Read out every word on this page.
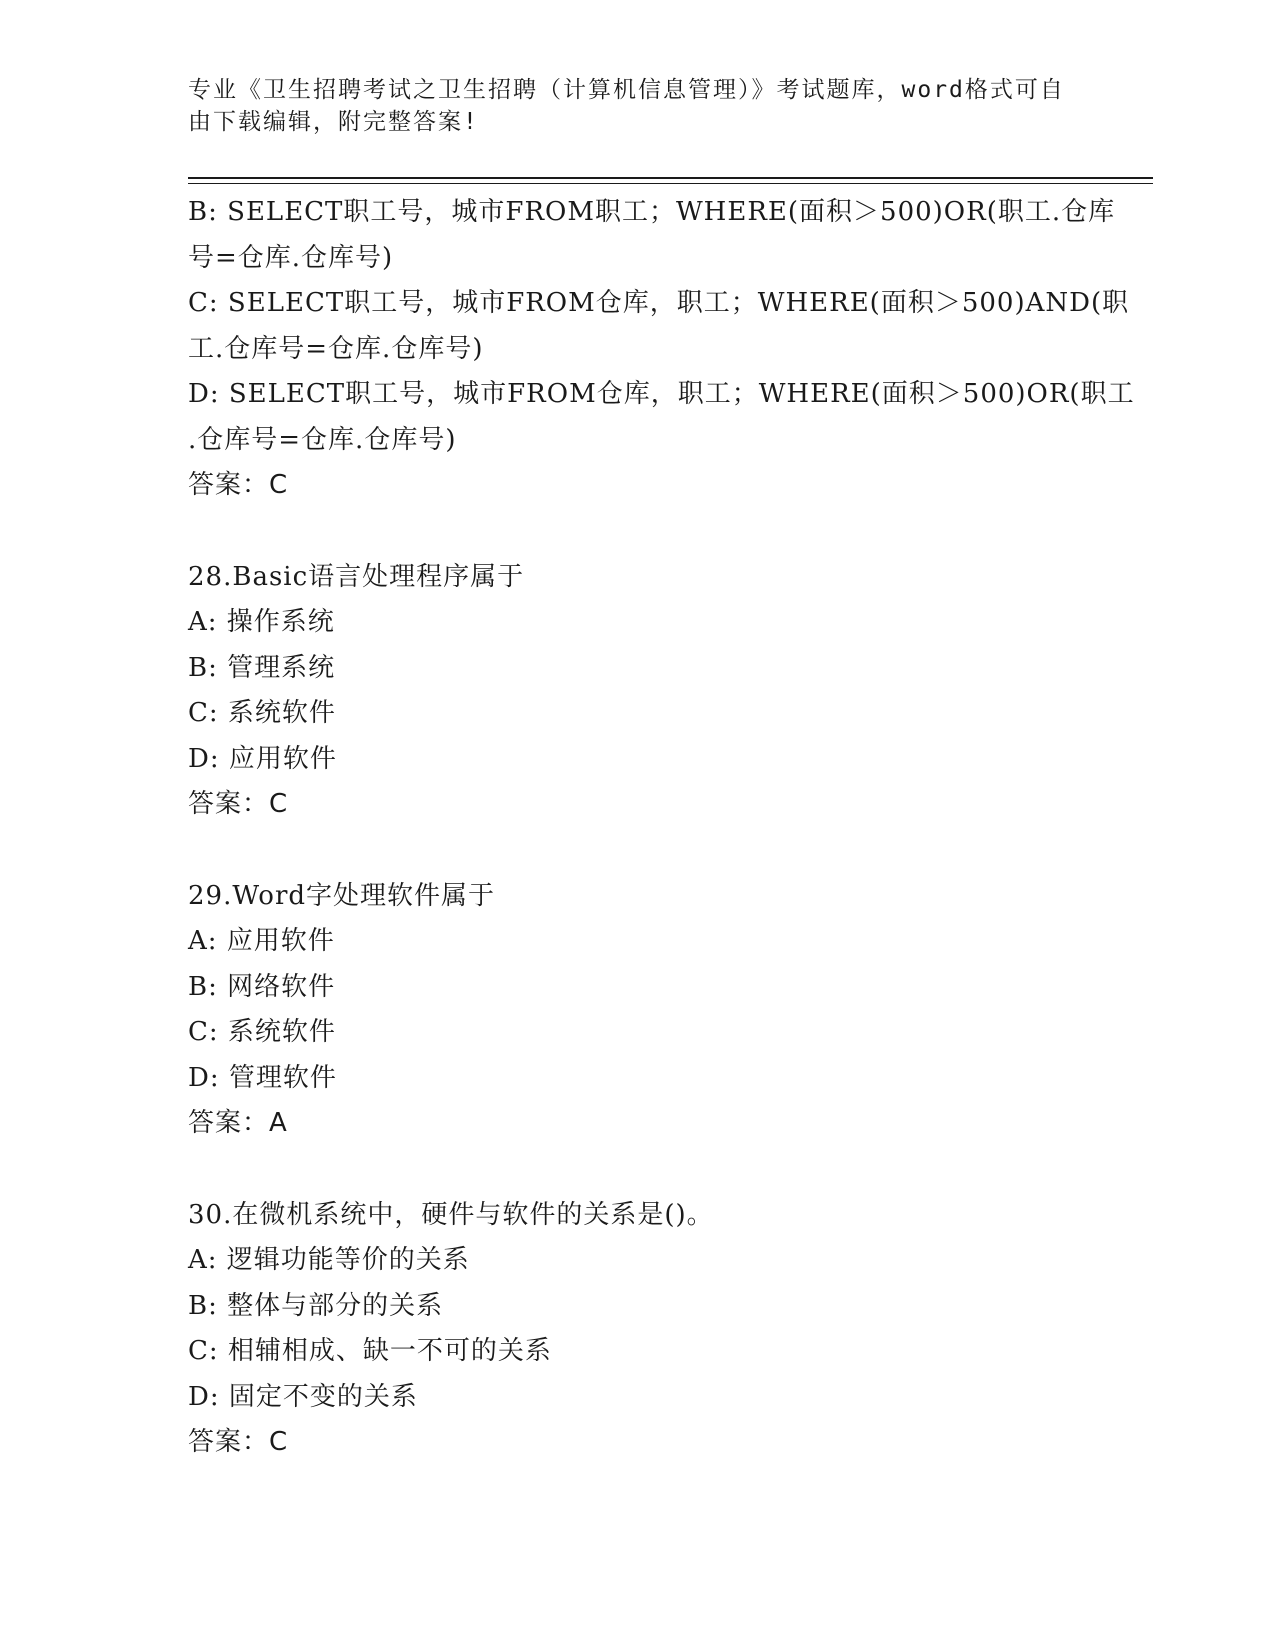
专业《卫生招聘考试之卫生招聘（计算机信息管理）》考试题库，word格式可自
由下载编辑，附完整答案!
B: SELECT职工号，城市FROM职工；WHERE(面积＞500)OR(职工.仓库
号=仓库.仓库号)
C: SELECT职工号，城市FROM仓库，职工；WHERE(面积＞500)AND(职
工.仓库号=仓库.仓库号)
D: SELECT职工号，城市FROM仓库，职工；WHERE(面积＞500)OR(职工
.仓库号=仓库.仓库号)
答案：C
28.Basic语言处理程序属于
A: 操作系统
B: 管理系统
C: 系统软件
D: 应用软件
答案：C
29.Word字处理软件属于
A: 应用软件
B: 网络软件
C: 系统软件
D: 管理软件
答案：A
30.在微机系统中，硬件与软件的关系是()。
A: 逻辑功能等价的关系
B: 整体与部分的关系
C: 相辅相成、缺一不可的关系
D: 固定不变的关系
答案：C
